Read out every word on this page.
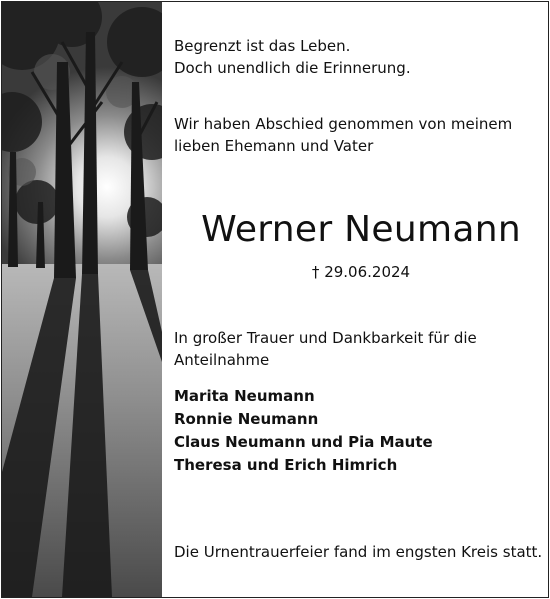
Begrenzt ist das Leben.
Doch unendlich die Erinnerung.
Wir haben Abschied genommen von meinem
lieben Ehemann und Vater
Werner Neumann
† 29.06.2024
In großer Trauer und Dankbarkeit für die
Anteilnahme
Marita Neumann
Ronnie Neumann
Claus Neumann und Pia Maute
Theresa und Erich Himrich
Die Urnentrauerfeier fand im engsten Kreis statt.
